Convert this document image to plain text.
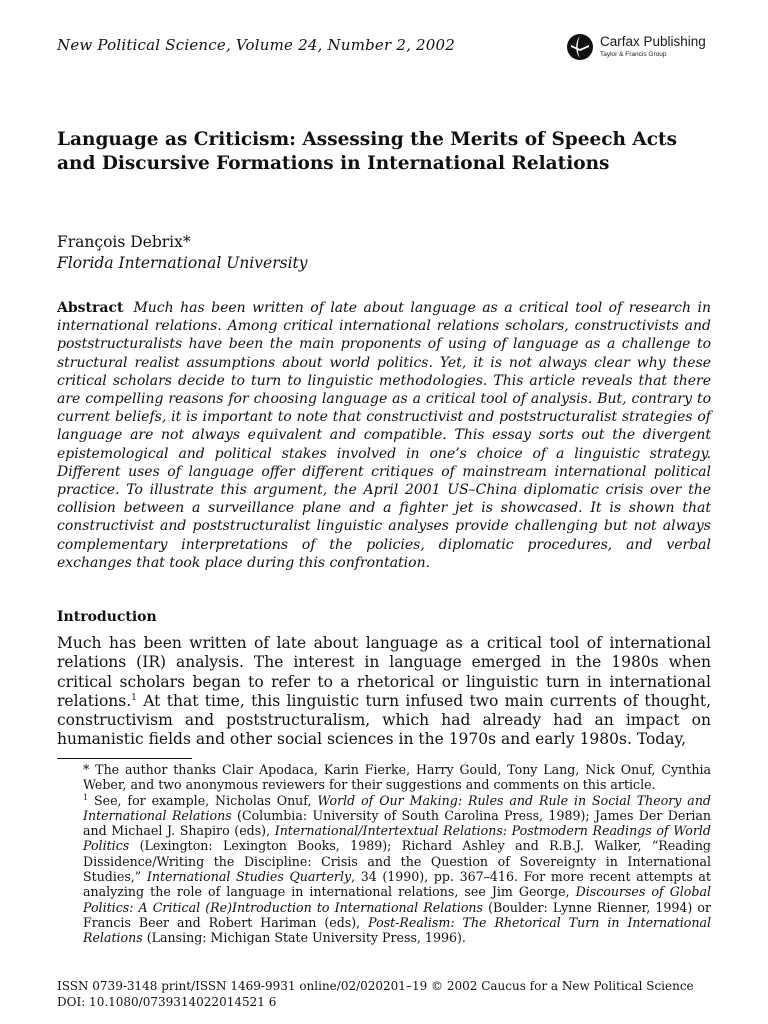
New Political Science, Volume 24, Number 2, 2002	Carfax Publishing
Taylor & Francis Group
Language as Criticism: Assessing the Merits of Speech Acts and Discursive Formations in International Relations
François Debrix*
Florida International University

Abstract Much has been written of late about language as a critical tool of research in international relations. Among critical international relations scholars, constructivists and poststructuralists have been the main proponents of using of language as a challenge to structural realist assumptions about world politics. Yet, it is not always clear why these critical scholars decide to turn to linguistic methodologies. This article reveals that there are compelling reasons for choosing language as a critical tool of analysis. But, contrary to current beliefs, it is important to note that constructivist and poststructuralist strategies of language are not always equivalent and compatible. This essay sorts out the divergent epistemological and political stakes involved in one’s choice of a linguistic strategy. Different uses of language offer different critiques of mainstream international political practice. To illustrate this argument, the April 2001 US–China diplomatic crisis over the collision between a surveillance plane and a fighter jet is showcased. It is shown that constructivist and poststructuralist linguistic analyses provide challenging but not always complementary interpretations of the policies, diplomatic procedures, and verbal exchanges that took place during this confrontation.

Introduction

Much has been written of late about language as a critical tool of international relations (IR) analysis. The interest in language emerged in the 1980s when critical scholars began to refer to a rhetorical or linguistic turn in international relations.$^1$ At that time, this linguistic turn infused two main currents of thought, constructivism and poststructuralism, which had already had an impact on humanistic fields and other social sciences in the 1970s and early 1980s. Today,

* The author thanks Clair Apodaca, Karin Fierke, Harry Gould, Tony Lang, Nick Onuf, Cynthia Weber, and two anonymous reviewers for their suggestions and comments on this article.

$^1$ See, for example, Nicholas Onuf, World of Our Making: Rules and Rule in Social Theory and International Relations (Columbia: University of South Carolina Press, 1989); James Der Derian and Michael J. Shapiro (eds), International/Intertextual Relations: Postmodern Readings of World Politics (Lexington: Lexington Books, 1989); Richard Ashley and R.B.J. Walker, “Reading Dissidence/Writing the Discipline: Crisis and the Question of Sovereignty in International Studies,” International Studies Quarterly, 34 (1990), pp. 367–416. For more recent attempts at analyzing the role of language in international relations, see Jim George, Discourses of Global Politics: A Critical (Re)Introduction to International Relations (Boulder: Lynne Rienner, 1994) or Francis Beer and Robert Hariman (eds), Post-Realism: The Rhetorical Turn in International Relations (Lansing: Michigan State University Press, 1996).

ISSN 0739-3148 print/ISSN 1469-9931 online/02/020201–19 © 2002 Caucus for a New Political Science
DOI: 10.1080/0739314022014521 6
